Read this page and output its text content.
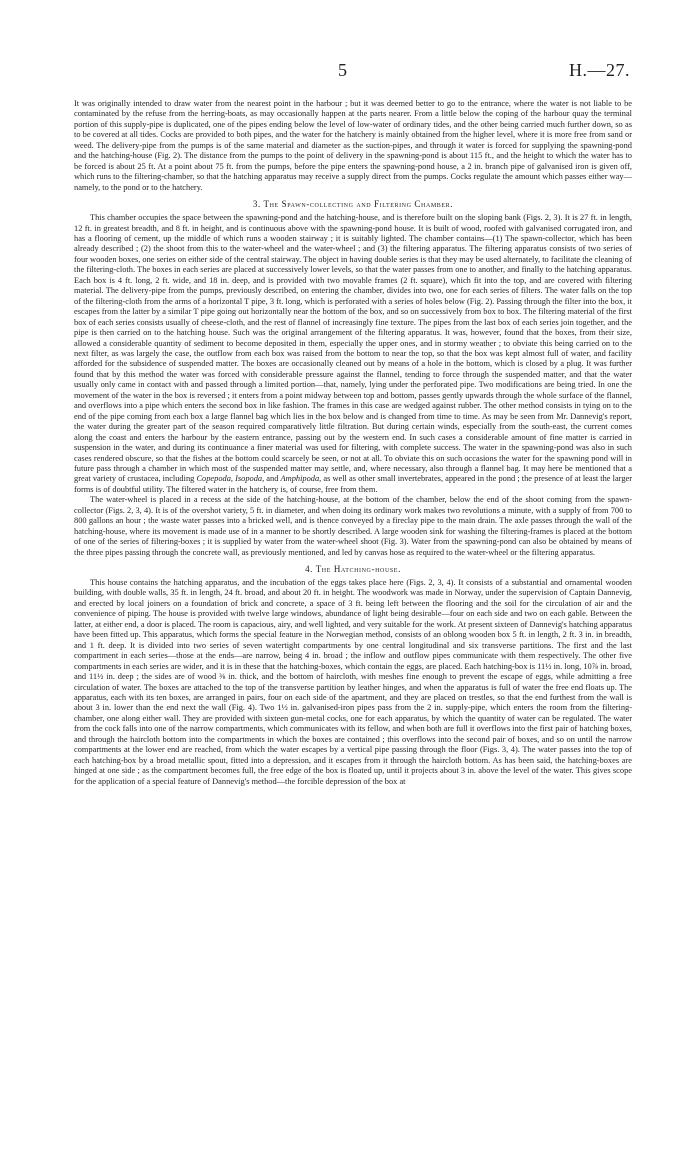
5	H.—27.

It was originally intended to draw water from the nearest point in the harbour ; but it was deemed better to go to the entrance, where the water is not liable to be contaminated by the refuse from the herring-boats, as may occasionally happen at the parts nearer. From a little below the coping of the harbour quay the terminal portion of this supply-pipe is duplicated, one of the pipes ending below the level of low-water of ordinary tides, and the other being carried much further down, so as to be covered at all tides. Cocks are provided to both pipes, and the water for the hatchery is mainly obtained from the higher level, where it is more free from sand or weed. The delivery-pipe from the pumps is of the same material and diameter as the suction-pipes, and through it water is forced for supplying the spawning-pond and the hatching-house (Fig. 2). The distance from the pumps to the point of delivery in the spawning-pond is about 115 ft., and the height to which the water has to be forced is about 25 ft. At a point about 75 ft. from the pumps, before the pipe enters the spawning-pond house, a 2 in. branch pipe of galvanised iron is given off, which runs to the filtering-chamber, so that the hatching apparatus may receive a supply direct from the pumps. Cocks regulate the amount which passes either way—namely, to the pond or to the hatchery.

3. The Spawn-collecting and Filtering Chamber.

This chamber occupies the space between the spawning-pond and the hatching-house, and is therefore built on the sloping bank (Figs. 2, 3). It is 27 ft. in length, 12 ft. in greatest breadth, and 8 ft. in height, and is continuous above with the spawning-pond house. It is built of wood, roofed with galvanised corrugated iron, and has a flooring of cement, up the middle of which runs a wooden stairway ; it is suitably lighted. The chamber contains—(1) The spawn-collector, which has been already described ; (2) the shoot from this to the water-wheel and the water-wheel ; and (3) the filtering apparatus. The filtering apparatus consists of two series of four wooden boxes, one series on either side of the central stairway. The object in having double series is that they may be used alternately, to facilitate the cleaning of the filtering-cloth. The boxes in each series are placed at successively lower levels, so that the water passes from one to another, and finally to the hatching apparatus. Each box is 4 ft. long, 2 ft. wide, and 18 in. deep, and is provided with two movable frames (2 ft. square), which fit into the top, and are covered with filtering material. The delivery-pipe from the pumps, previously described, on entering the chamber, divides into two, one for each series of filters. The water falls on the top of the filtering-cloth from the arms of a horizontal T pipe, 3 ft. long, which is perforated with a series of holes below (Fig. 2). Passing through the filter into the box, it escapes from the latter by a similar T pipe going out horizontally near the bottom of the box, and so on successively from box to box. The filtering material of the first box of each series consists usually of cheese-cloth, and the rest of flannel of increasingly fine texture. The pipes from the last box of each series join together, and the pipe is then carried on to the hatching house. Such was the original arrangement of the filtering apparatus. It was, however, found that the boxes, from their size, allowed a considerable quantity of sediment to become deposited in them, especially the upper ones, and in stormy weather ; to obviate this being carried on to the next filter, as was largely the case, the outflow from each box was raised from the bottom to near the top, so that the box was kept almost full of water, and facility afforded for the subsidence of suspended matter. The boxes are occasionally cleaned out by means of a hole in the bottom, which is closed by a plug. It was further found that by this method the water was forced with considerable pressure against the flannel, tending to force through the suspended matter, and that the water usually only came in contact with and passed through a limited portion—that, namely, lying under the perforated pipe. Two modifications are being tried. In one the movement of the water in the box is reversed ; it enters from a point midway between top and bottom, passes gently upwards through the whole surface of the flannel, and overflows into a pipe which enters the second box in like fashion. The frames in this case are wedged against rubber. The other method consists in tying on to the end of the pipe coming from each box a large flannel bag which lies in the box below and is changed from time to time. As may be seen from Mr. Dannevig's report, the water during the greater part of the season required comparatively little filtration. But during certain winds, especially from the south-east, the current comes along the coast and enters the harbour by the eastern entrance, passing out by the western end. In such cases a considerable amount of fine matter is carried in suspension in the water, and during its continuance a finer material was used for filtering, with complete success. The water in the spawning-pond was also in such cases rendered obscure, so that the fishes at the bottom could scarcely be seen, or not at all. To obviate this on such occasions the water for the spawning pond will in future pass through a chamber in which most of the suspended matter may settle, and, where necessary, also through a flannel bag. It may here be mentioned that a great variety of crustacea, including Copepoda, Isopoda, and Amphipoda, as well as other small invertebrates, appeared in the pond ; the presence of at least the larger forms is of doubtful utility. The filtered water in the hatchery is, of course, free from them.

The water-wheel is placed in a recess at the side of the hatching-house, at the bottom of the chamber, below the end of the shoot coming from the spawn-collector (Figs. 2, 3, 4). It is of the overshot variety, 5 ft. in diameter, and when doing its ordinary work makes two revolutions a minute, with a supply of from 700 to 800 gallons an hour ; the waste water passes into a bricked well, and is thence conveyed by a fireclay pipe to the main drain. The axle passes through the wall of the hatching-house, where its movement is made use of in a manner to be shortly described. A large wooden sink for washing the filtering-frames is placed at the bottom of one of the series of filtering-boxes ; it is supplied by water from the water-wheel shoot (Fig. 3). Water from the spawning-pond can also be obtained by means of the three pipes passing through the concrete wall, as previously mentioned, and led by canvas hose as required to the water-wheel or the filtering apparatus.

4. The Hatching-house.

This house contains the hatching apparatus, and the incubation of the eggs takes place here (Figs. 2, 3, 4). It consists of a substantial and ornamental wooden building, with double walls, 35 ft. in length, 24 ft. broad, and about 20 ft. in height. The woodwork was made in Norway, under the supervision of Captain Dannevig, and erected by local joiners on a foundation of brick and concrete, a space of 3 ft. being left between the flooring and the soil for the circulation of air and the convenience of piping. The house is provided with twelve large windows, abundance of light being desirable—four on each side and two on each gable. Between the latter, at either end, a door is placed. The room is capacious, airy, and well lighted, and very suitable for the work. At present sixteen of Dannevig's hatching apparatus have been fitted up. This apparatus, which forms the special feature in the Norwegian method, consists of an oblong wooden box 5 ft. in length, 2 ft. 3 in. in breadth, and 1 ft. deep. It is divided into two series of seven watertight compartments by one central longitudinal and six transverse partitions. The first and the last compartment in each series—those at the ends—are narrow, being 4 in. broad ; the inflow and outflow pipes communicate with them respectively. The other five compartments in each series are wider, and it is in these that the hatching-boxes, which contain the eggs, are placed. Each hatching-box is 11½ in. long, 10⅞ in. broad, and 11½ in. deep ; the sides are of wood ⅜ in. thick, and the bottom of haircloth, with meshes fine enough to prevent the escape of eggs, while admitting a free circulation of water. The boxes are attached to the top of the transverse partition by leather hinges, and when the apparatus is full of water the free end floats up. The apparatus, each with its ten boxes, are arranged in pairs, four on each side of the apartment, and they are placed on trestles, so that the end furthest from the wall is about 3 in. lower than the end next the wall (Fig. 4). Two 1½ in. galvanised-iron pipes pass from the 2 in. supply-pipe, which enters the room from the filtering-chamber, one along either wall. They are provided with sixteen gun-metal cocks, one for each apparatus, by which the quantity of water can be regulated. The water from the cock falls into one of the narrow compartments, which communicates with its fellow, and when both are full it overflows into the first pair of hatching boxes, and through the haircloth bottom into the compartments in which the boxes are contained ; this overflows into the second pair of boxes, and so on until the narrow compartments at the lower end are reached, from which the water escapes by a vertical pipe passing through the floor (Figs. 3, 4). The water passes into the top of each hatching-box by a broad metallic spout, fitted into a depression, and it escapes from it through the haircloth bottom. As has been said, the hatching-boxes are hinged at one side ; as the compartment becomes full, the free edge of the box is floated up, until it projects about 3 in. above the level of the water. This gives scope for the application of a special feature of Dannevig's method—the forcible depression of the box at
